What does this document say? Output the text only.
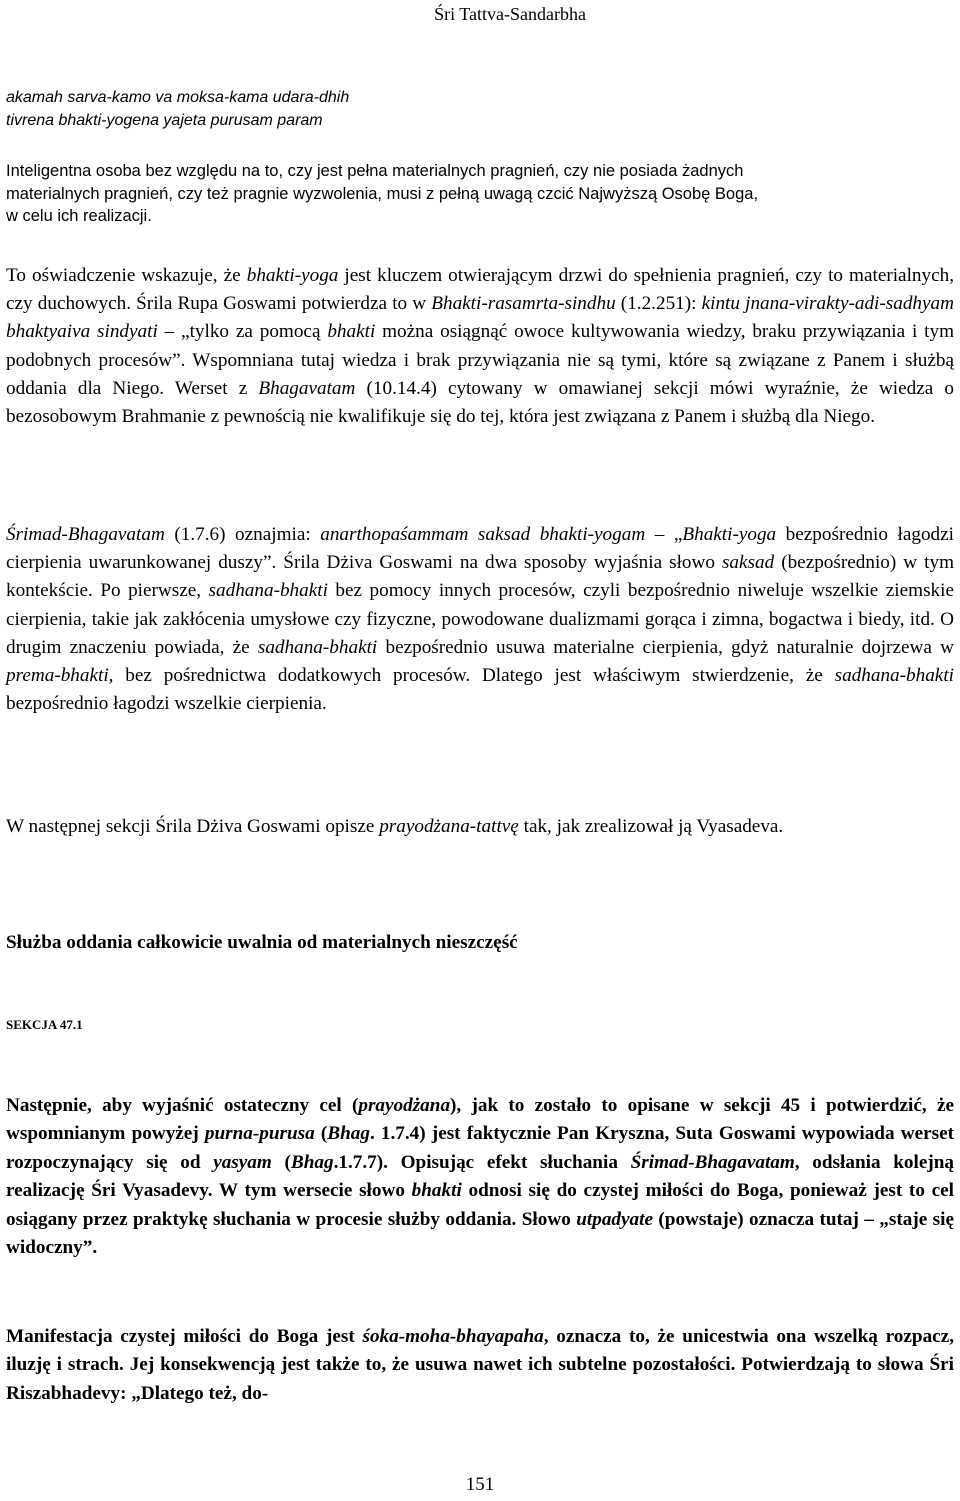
Śri Tattva-Sandarbha
akamah sarva-kamo va moksa-kama udara-dhih
tivrena bhakti-yogena yajeta purusam param
Inteligentna osoba bez względu na to, czy jest pełna materialnych pragnień, czy nie posiada żadnych
materialnych pragnień, czy też pragnie wyzwolenia, musi z pełną uwagą czcić Najwyższą Osobę Boga,
w celu ich realizacji.
To oświadczenie wskazuje, że bhakti-yoga jest kluczem otwierającym drzwi do spełnienia pragnień, czy to materialnych, czy duchowych. Śrila Rupa Goswami potwierdza to w Bhakti-rasamrta-sindhu (1.2.251): kintu jnana-virakty-adi-sadhyam bhaktyaiva sindyati – „tylko za pomocą bhakti można osiągnąć owoce kultywowania wiedzy, braku przywiązania i tym podobnych procesów”. Wspomniana tutaj wiedza i brak przywiązania nie są tymi, które są związane z Panem i służbą oddania dla Niego. Werset z Bhagavatam (10.14.4) cytowany w omawianej sekcji mówi wyraźnie, że wiedza o bezosobowym Brahmanie z pewnością nie kwalifikuje się do tej, która jest związana z Panem i służbą dla Niego.
Śrimad-Bhagavatam (1.7.6) oznajmia: anarthopaśammam saksad bhakti-yogam – „Bhakti-yoga bezpośrednio łagodzi cierpienia uwarunkowanej duszy”. Śrila Dżiva Goswami na dwa sposoby wyjaśnia słowo saksad (bezpośrednio) w tym kontekście. Po pierwsze, sadhana-bhakti bez pomocy innych procesów, czyli bezpośrednio niweluje wszelkie ziemskie cierpienia, takie jak zakłócenia umysłowe czy fizyczne, powodowane dualizmami gorąca i zimna, bogactwa i biedy, itd. O drugim znaczeniu powiada, że sadhana-bhakti bezpośrednio usuwa materialne cierpienia, gdyż naturalnie dojrzewa w prema-bhakti, bez pośrednictwa dodatkowych procesów. Dlatego jest właściwym stwierdzenie, że sadhana-bhakti bezpośrednio łagodzi wszelkie cierpienia.
W następnej sekcji Śrila Dżiva Goswami opisze prayodżana-tattvę tak, jak zrealizował ją Vyasadeva.
Służba oddania całkowicie uwalnia od materialnych nieszczęść
SEKCJA 47.1
Następnie, aby wyjaśnić ostateczny cel (prayodżana), jak to zostało to opisane w sekcji 45 i potwierdzić, że wspomnianym powyżej purna-purusa (Bhag. 1.7.4) jest faktycznie Pan Kryszna, Suta Goswami wypowiada werset rozpoczynający się od yasyam (Bhag.1.7.7). Opisując efekt słuchania Śrimad-Bhagavatam, odsłania kolejną realizację Śri Vyasadevy. W tym wersecie słowo bhakti odnosi się do czystej miłości do Boga, ponieważ jest to cel osiągany przez praktykę słuchania w procesie służby oddania. Słowo utpadyate (powstaje) oznacza tutaj – „staje się widoczny”.
Manifestacja czystej miłości do Boga jest śoka-moha-bhayapaha, oznacza to, że unicestwia ona wszelką rozpacz, iluzję i strach. Jej konsekwencją jest także to, że usuwa nawet ich subtelne pozostałości. Potwierdzają to słowa Śri Riszabhadevy: „Dlatego też, do-
151
